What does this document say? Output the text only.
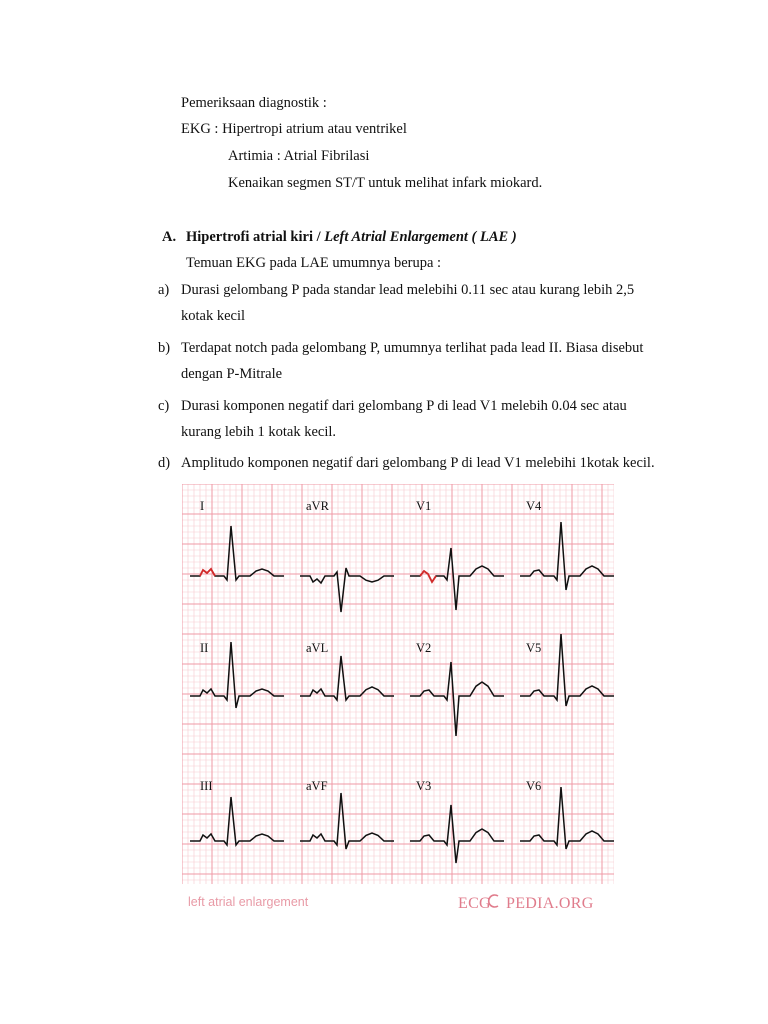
Pemeriksaan diagnostik :
EKG : Hipertropi atrium atau ventrikel
Artimia : Atrial Fibrilasi
Kenaikan segmen ST/T untuk melihat infark miokard.
A. Hipertrofi atrial kiri / Left Atrial Enlargement ( LAE )
Temuan EKG pada LAE umumnya berupa :
a) Durasi gelombang P pada standar lead melebihi 0.11 sec atau kurang lebih 2,5
kotak kecil
b) Terdapat notch pada gelombang P, umumnya terlihat pada lead II. Biasa disebut
dengan P-Mitrale
c) Durasi komponen negatif dari gelombang P di lead V1 melebih 0.04 sec atau
kurang lebih 1 kotak kecil.
d) Amplitudo komponen negatif dari gelombang P di lead V1 melebihi 1kotak kecil.
I	aVR	V1	V4
II	aVL	V2	V5
III	aVF	V3	V6
left atrial enlargement	ECG PEDIA.ORG
